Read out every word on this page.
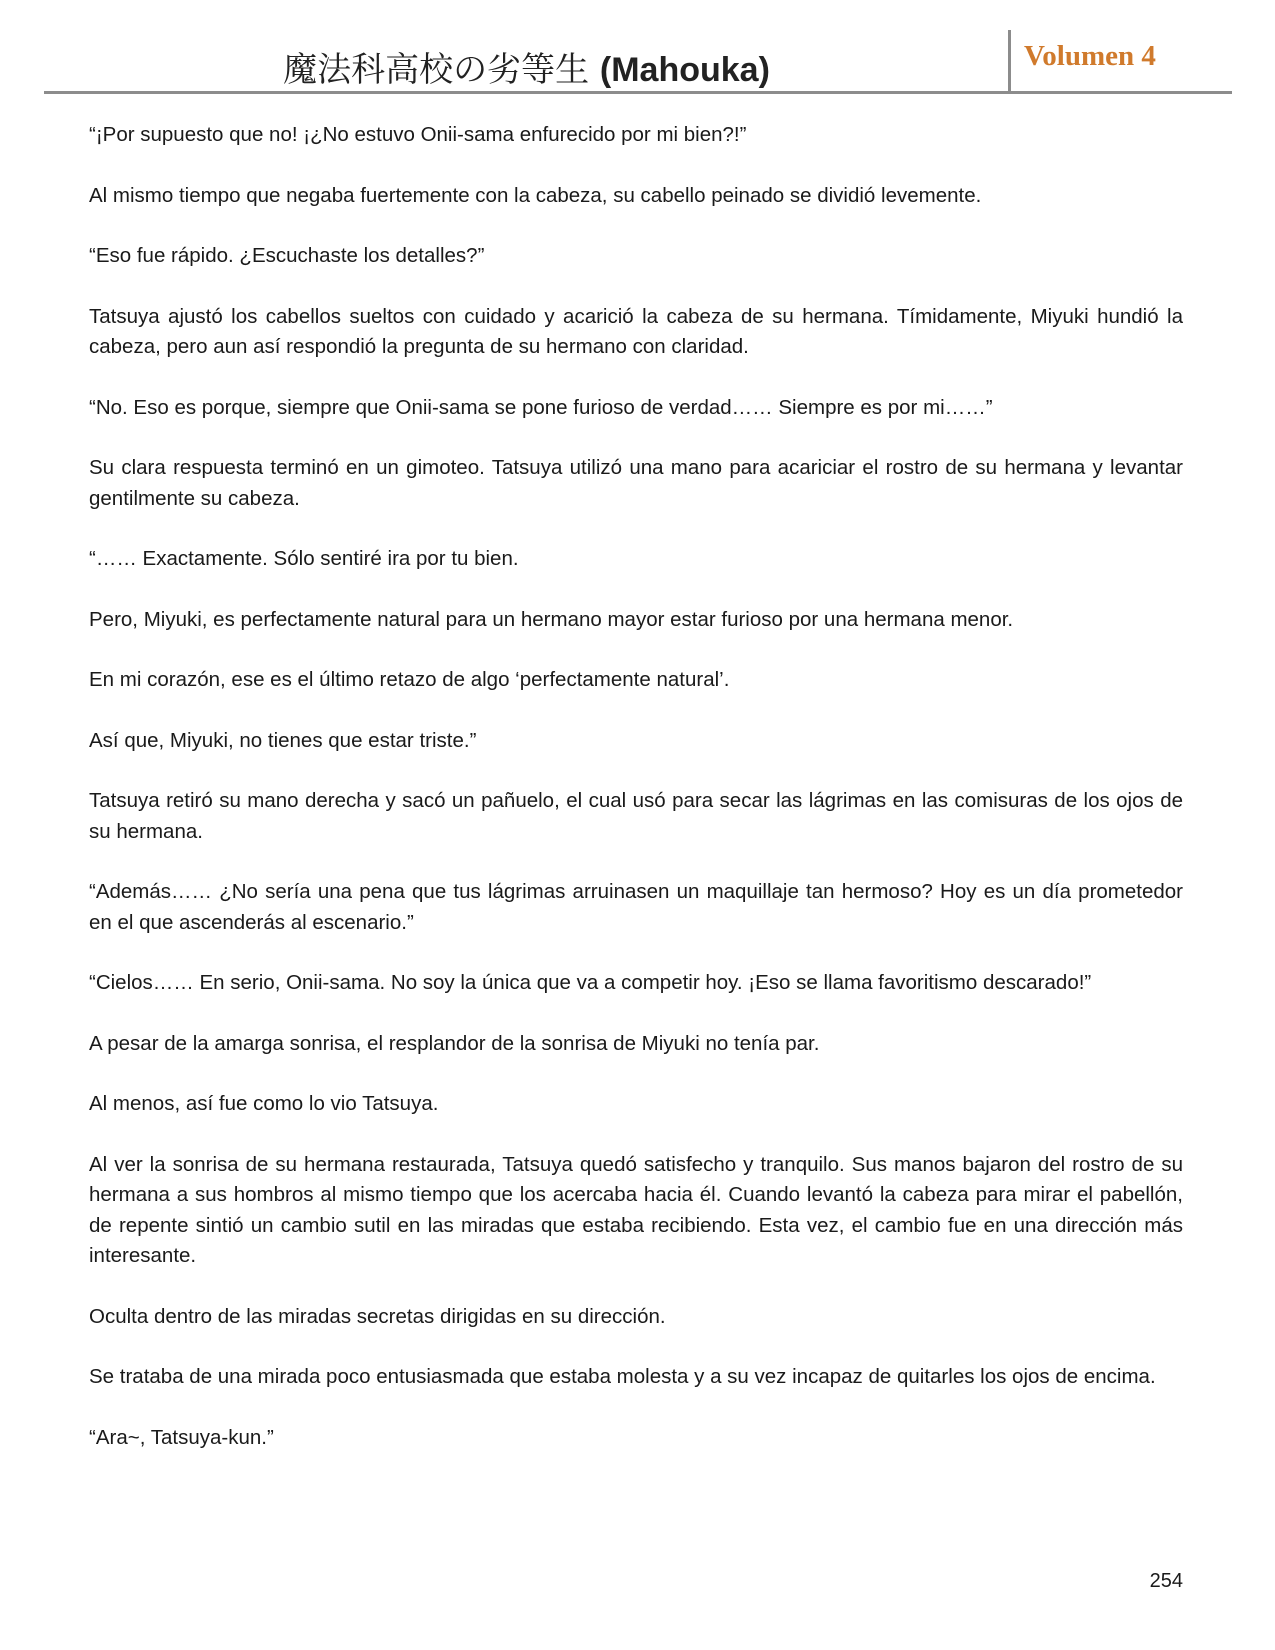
魔法科高校の劣等生 (Mahouka)	Volumen 4

“¡Por supuesto que no! ¡¿No estuvo Onii-sama enfurecido por mi bien?!”

Al mismo tiempo que negaba fuertemente con la cabeza, su cabello peinado se dividió levemente.

“Eso fue rápido. ¿Escuchaste los detalles?”

Tatsuya ajustó los cabellos sueltos con cuidado y acarició la cabeza de su hermana. Tímidamente, Miyuki hundió la cabeza, pero aun así respondió la pregunta de su hermano con claridad.

“No. Eso es porque, siempre que Onii-sama se pone furioso de verdad…… Siempre es por mi……”

Su clara respuesta terminó en un gimoteo. Tatsuya utilizó una mano para acariciar el rostro de su hermana y levantar gentilmente su cabeza.

“…… Exactamente. Sólo sentiré ira por tu bien.

Pero, Miyuki, es perfectamente natural para un hermano mayor estar furioso por una hermana menor.

En mi corazón, ese es el último retazo de algo ‘perfectamente natural’.

Así que, Miyuki, no tienes que estar triste.”

Tatsuya retiró su mano derecha y sacó un pañuelo, el cual usó para secar las lágrimas en las comisuras de los ojos de su hermana.

“Además…… ¿No sería una pena que tus lágrimas arruinasen un maquillaje tan hermoso? Hoy es un día prometedor en el que ascenderás al escenario.”

“Cielos…… En serio, Onii-sama. No soy la única que va a competir hoy. ¡Eso se llama favoritismo descarado!”

A pesar de la amarga sonrisa, el resplandor de la sonrisa de Miyuki no tenía par.

Al menos, así fue como lo vio Tatsuya.

Al ver la sonrisa de su hermana restaurada, Tatsuya quedó satisfecho y tranquilo. Sus manos bajaron del rostro de su hermana a sus hombros al mismo tiempo que los acercaba hacia él. Cuando levantó la cabeza para mirar el pabellón, de repente sintió un cambio sutil en las miradas que estaba recibiendo. Esta vez, el cambio fue en una dirección más interesante.

Oculta dentro de las miradas secretas dirigidas en su dirección.

Se trataba de una mirada poco entusiasmada que estaba molesta y a su vez incapaz de quitarles los ojos de encima.

“Ara~, Tatsuya-kun.”

254
